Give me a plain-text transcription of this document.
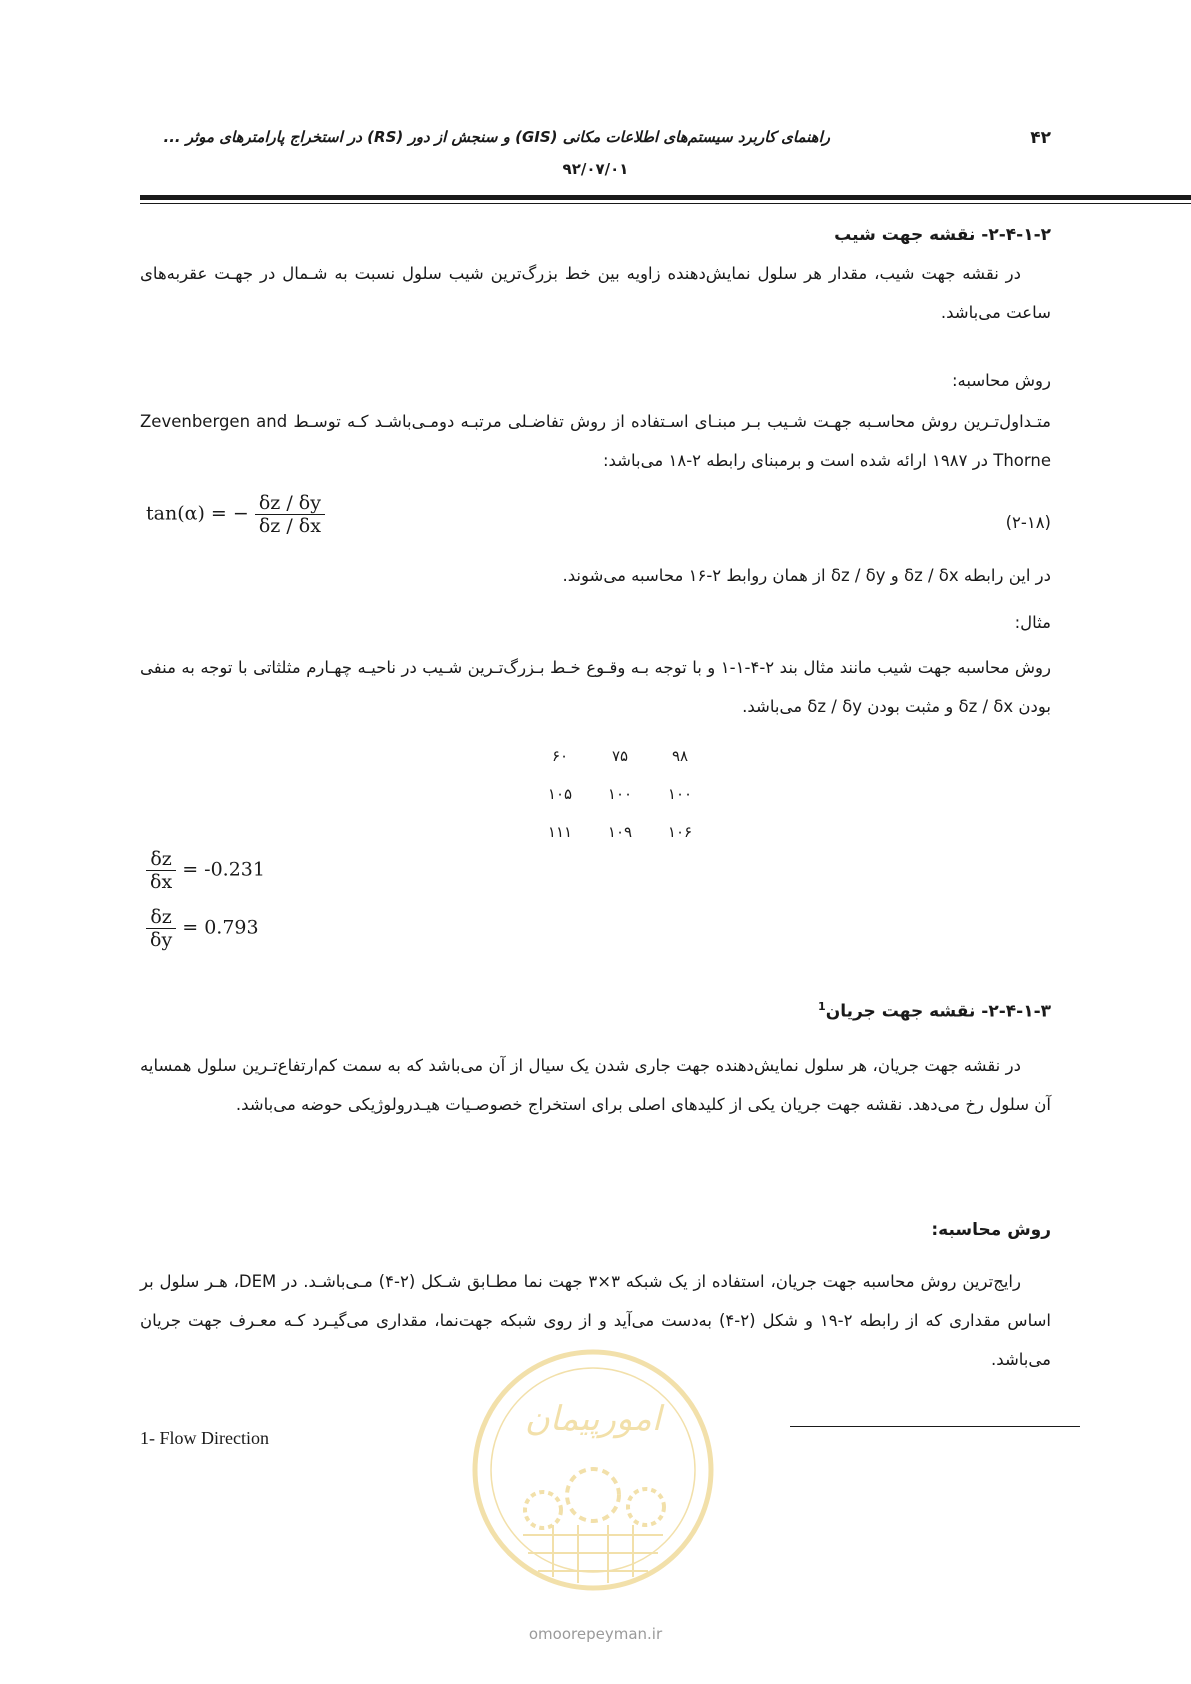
راهنمای کاربرد سیستم‌های اطلاعات مکانی (GIS) و سنجش از دور (RS) در استخراج پارامترهای موثر ...	۴۲
۹۲/۰۷/۰۱
۲-۴-۱-۲- نقشه جهت شیب
در نقشه جهت شیب، مقدار هر سلول نمایش‌دهنده زاویه بین خط بزرگ‌ترین شیب سلول نسبت به شـمال در جهـت عقربه‌های ساعت می‌باشد.
روش محاسبه:
متـداول‌تـرین روش محاسـبه جهـت شـیب بـر مبنـای اسـتفاده از روش تفاضـلی مرتبـه دومـی‌باشـد کـه توسـط Zevenbergen and Thorne در ۱۹۸۷ ارائه شده است و برمبنای رابطه ۲-۱۸ می‌باشد:
tan(α) = − $\frac{\delta z / \delta y}{\delta z / \delta x}$	(۲-۱۸)
در این رابطه δz / δx و δz / δy از همان روابط ۲-۱۶ محاسبه می‌شوند.
مثال:
روش محاسبه جهت شیب مانند مثال بند ۲-۴-۱-۱ و با توجه بـه وقـوع خـط بـزرگ‌تـرین شـیب در ناحیـه چهـارم مثلثاتی با توجه به منفی بودن δz / δx و مثبت بودن δz / δy می‌باشد.
۹۸	۷۵	۶۰
۱۰۰	۱۰۰	۱۰۵
۱۰۶	۱۰۹	۱۱۱
$\frac{\delta z}{\delta x} = -0.231$
$\frac{\delta z}{\delta y} = 0.793$
۲-۴-۱-۳- نقشه جهت جریان$^1$
در نقشه جهت جریان، هر سلول نمایش‌دهنده جهت جاری شدن یک سیال از آن می‌باشد که به سمت کم‌ارتفاع‌تـرین سلول همسایه آن سلول رخ می‌دهد. نقشه جهت جریان یکی از کلیدهای اصلی برای استخراج خصوصـیات هیـدرولوژیکی حوضه می‌باشد.
روش محاسبه:
رایج‌ترین روش محاسبه جهت جریان، استفاده از یک شبکه ۳×۳ جهت نما مطـابق شـکل (۲-۴) مـی‌باشـد. در DEM، هـر سلول بر اساس مقداری که از رابطه ۲-۱۹ و شکل (۲-۴) به‌دست می‌آید و از روی شبکه جهت‌نما، مقداری می‌گیـرد کـه معـرف جهت جریان می‌باشد.
1- Flow Direction	امورپیمان
omoorepeyman.ir
